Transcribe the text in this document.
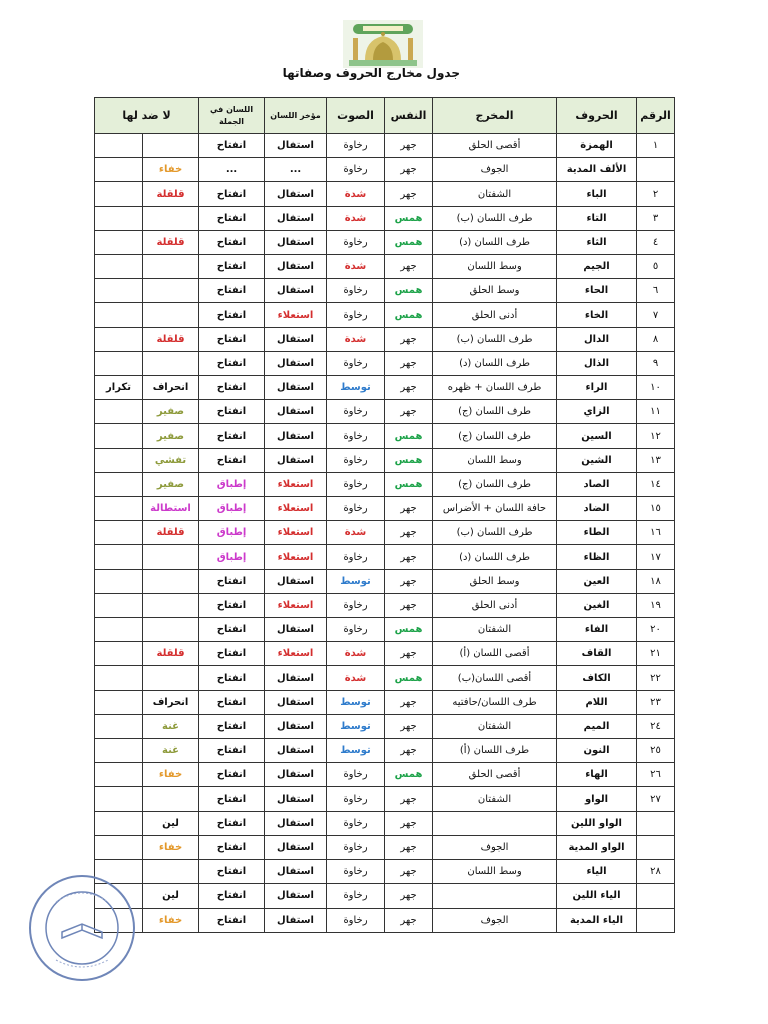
جدول مخارج الحروف وصفاتها
الرقم	الحروف	المخرج	النفس	الصوت	مؤخر اللسان	اللسان في الجملة	لا ضد لها	
١	الهمزة	أقصى الحلق	جهر	رخاوة	استفال	انفتاح		
	الألف المدية	الجوف	جهر	رخاوة	...	...	خفاء	
٢	الباء	الشفتان	جهر	شدة	استفال	انفتاح	قلقلة	
٣	التاء	طرف اللسان (ب)	همس	شدة	استفال	انفتاح		
٤	الثاء	طرف اللسان (د)	همس	رخاوة	استفال	انفتاح	قلقلة	
٥	الجيم	وسط اللسان	جهر	شدة	استفال	انفتاح		
٦	الحاء	وسط الحلق	همس	رخاوة	استفال	انفتاح		
٧	الخاء	أدنى الحلق	همس	رخاوة	استعلاء	انفتاح		
٨	الدال	طرف اللسان (ب)	جهر	شدة	استفال	انفتاح	قلقلة	
٩	الذال	طرف اللسان (د)	جهر	رخاوة	استفال	انفتاح		
١٠	الراء	طرف اللسان + ظهره	جهر	توسط	استفال	انفتاح	انحراف	تكرار
١١	الزاي	طرف اللسان (ج)	جهر	رخاوة	استفال	انفتاح	صفير	
١٢	السين	طرف اللسان (ج)	همس	رخاوة	استفال	انفتاح	صفير	
١٣	الشين	وسط اللسان	همس	رخاوة	استفال	انفتاح	تفشي	
١٤	الصاد	طرف اللسان (ج)	همس	رخاوة	استعلاء	إطباق	صفير	
١٥	الضاد	حافة اللسان + الأضراس	جهر	رخاوة	استعلاء	إطباق	استطالة	
١٦	الطاء	طرف اللسان (ب)	جهر	شدة	استعلاء	إطباق	قلقلة	
١٧	الظاء	طرف اللسان (د)	جهر	رخاوة	استعلاء	إطباق		
١٨	العين	وسط الحلق	جهر	توسط	استفال	انفتاح		
١٩	الغين	أدنى الحلق	جهر	رخاوة	استعلاء	انفتاح		
٢٠	الفاء	الشفتان	همس	رخاوة	استفال	انفتاح		
٢١	القاف	أقصى اللسان (أ)	جهر	شدة	استعلاء	انفتاح	قلقلة	
٢٢	الكاف	أقصى اللسان(ب)	همس	شدة	استفال	انفتاح		
٢٣	اللام	طرف اللسان/حافتيه	جهر	توسط	استفال	انفتاح	انحراف	
٢٤	الميم	الشفتان	جهر	توسط	استفال	انفتاح	غنة	
٢٥	النون	طرف اللسان (أ)	جهر	توسط	استفال	انفتاح	غنة	
٢٦	الهاء	أقصى الحلق	همس	رخاوة	استفال	انفتاح	خفاء	
٢٧	الواو	الشفتان	جهر	رخاوة	استفال	انفتاح		
	الواو اللين		جهر	رخاوة	استفال	انفتاح	لين	
	الواو المدية	الجوف	جهر	رخاوة	استفال	انفتاح	خفاء	
٢٨	الياء	وسط اللسان	جهر	رخاوة	استفال	انفتاح		
	الياء اللين		جهر	رخاوة	استفال	انفتاح	لين	
	الياء المدية	الجوف	جهر	رخاوة	استفال	انفتاح	خفاء	
